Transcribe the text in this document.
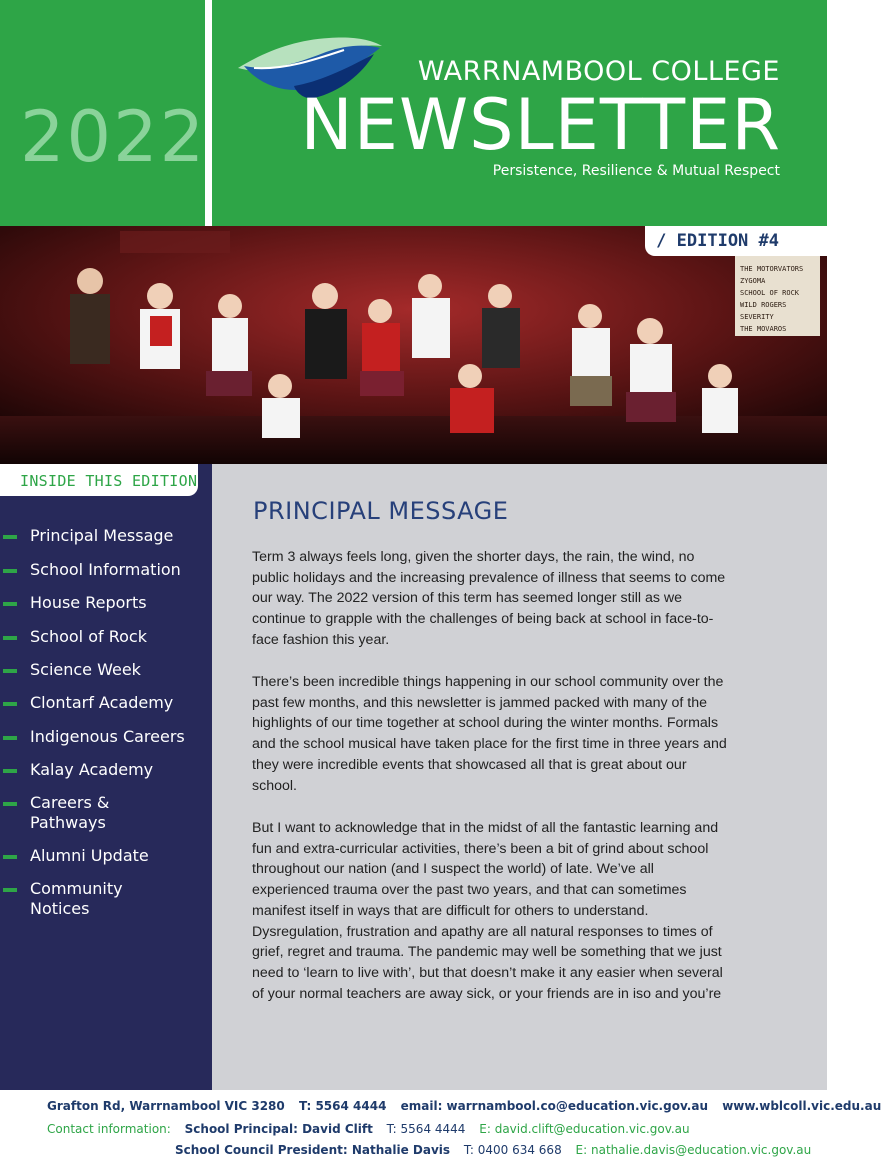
2022
WARRNAMBOOL COLLEGE
NEWSLETTER
Persistence, Resilience & Mutual Respect
THE MOTORVATORS
ZYGOMA
SCHOOL OF ROCK
WILD ROGERS
SEVERITY
THE MOVAROS
/ EDITION #4
INSIDE THIS EDITION
Principal Message
School Information
House Reports
School of Rock
Science Week
Clontarf Academy
Indigenous Careers
Kalay Academy
Careers & Pathways
Alumni Update
Community Notices
PRINCIPAL MESSAGE

Term 3 always feels long, given the shorter days, the rain, the wind, no public holidays and the increasing prevalence of illness that seems to come our way. The 2022 version of this term has seemed longer still as we continue to grapple with the challenges of being back at school in face-to-face fashion this year.

There’s been incredible things happening in our school community over the past few months, and this newsletter is jammed packed with many of the highlights of our time together at school during the winter months. Formals and the school musical have taken place for the first time in three years and they were incredible events that showcased all that is great about our school.

But I want to acknowledge that in the midst of all the fantastic learning and fun and extra-curricular activities, there’s been a bit of grind about school throughout our nation (and I suspect the world) of late. We’ve all experienced trauma over the past two years, and that can sometimes manifest itself in ways that are difficult for others to understand. Dysregulation, frustration and apathy are all natural responses to times of grief, regret and trauma. The pandemic may well be something that we just need to ‘learn to live with’, but that doesn’t make it any easier when several of your normal teachers are away sick, or your friends are in iso and you’re

Grafton Rd, Warrnambool VIC 3280 T: 5564 4444 email: warrnambool.co@education.vic.gov.au www.wblcoll.vic.edu.au
Contact information: School Principal: David Clift T: 5564 4444 E: david.clift@education.vic.gov.au
School Council President: Nathalie Davis T: 0400 634 668 E: nathalie.davis@education.vic.gov.au
